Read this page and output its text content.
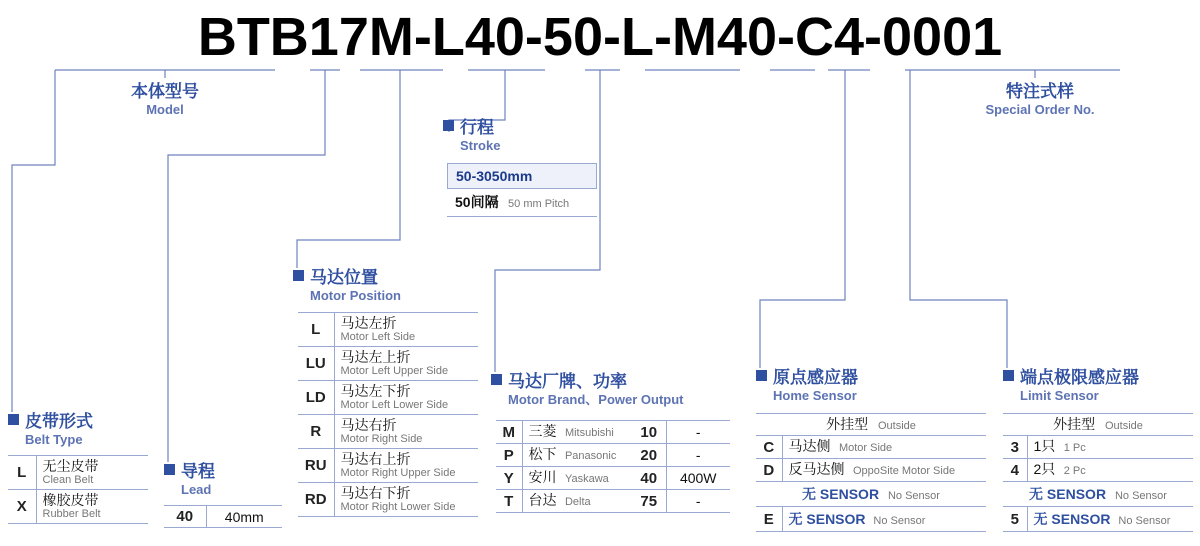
BTB17M - L 40 - 50 - L - M40 - C 4 - 0001
本体型号
Model
特注式样
Special Order No.
行程
Stroke
50-3050mm
50间隔 50 mm Pitch
皮带形式
Belt Type
L	无尘皮带
Clean Belt

X	橡胶皮带
Rubber Belt
导程
Lead
40	40mm
马达位置
Motor Position
L	马达左折
Motor Left Side

LU	马达左上折
Motor Left Upper Side

LD	马达左下折
Motor Left Lower Side

R	马达右折
Motor Right Side

RU	马达右上折
Motor Right Upper Side

RD	马达右下折
Motor Right Lower Side
马达厂牌、功率
Motor Brand、Power Output
M	三菱 Mitsubishi	10	-

P	松下 Panasonic	20	-

Y	安川 Yaskawa	40	400W

T	台达 Delta	75	-
原点感应器
Home Sensor
外挂型 Outside	
C	马达侧 Motor Side
D	反马达侧 OppoSite Motor Side
无 SENSOR No Sensor	
E	无 SENSOR No Sensor
端点极限感应器
Limit Sensor
外挂型 Outside	
3	1只 1 Pc
4	2只 2 Pc
无 SENSOR No Sensor	
5	无 SENSOR No Sensor
